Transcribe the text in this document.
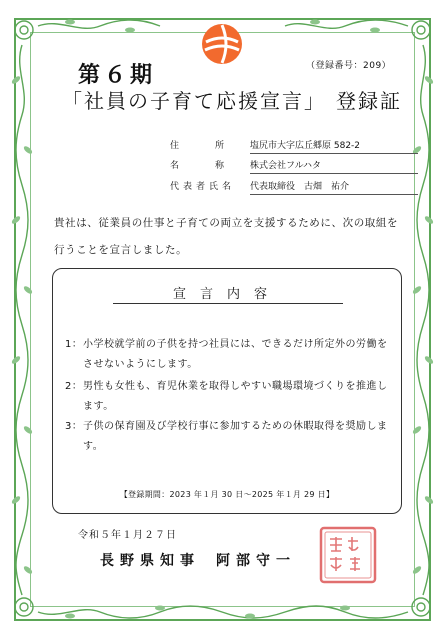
（登録番号：209）
第６期
「社員の子育て応援宣言」 登録証
住所
塩尻市大字広丘郷原 582-2
名称
株式会社フルハタ
代表者氏名 代表取締役　古畑　祐介
貴社は、従業員の仕事と子育ての両立を支援するために、次の取組を行うことを宣言しました。
宣言内容
1： 小学校就学前の子供を持つ社員には、できるだけ所定外の労働をさせないようにします。
2： 男性も女性も、育児休業を取得しやすい職場環境づくりを推進します。
3： 子供の保育園及び学校行事に参加するための休暇取得を奨励します。
【登録期間：2023 年１月 30 日～2025 年１月 29 日】
令和５年１月２７日
長野県知事 阿部守一
